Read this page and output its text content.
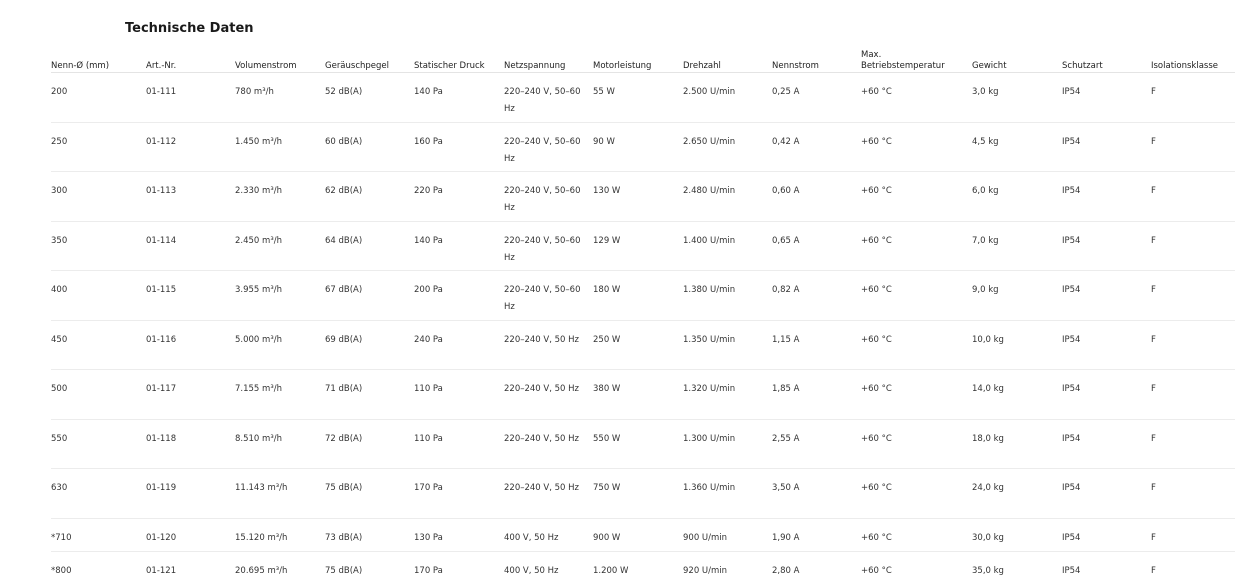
Technische Daten
Nenn-Ø (mm)	Art.-Nr.	Volumenstrom	Geräuschpegel	Statischer Druck	Netzspannung	Motorleistung	Drehzahl	Nennstrom	Max. Betriebstemperatur	Gewicht	Schutzart	Isolationsklasse
200	01-111	780 m³/h	52 dB(A)	140 Pa	220–240 V, 50–60 Hz	55 W	2.500 U/min	0,25 A	+60 °C	3,0 kg	IP54	F
250	01-112	1.450 m³/h	60 dB(A)	160 Pa	220–240 V, 50–60 Hz	90 W	2.650 U/min	0,42 A	+60 °C	4,5 kg	IP54	F
300	01-113	2.330 m³/h	62 dB(A)	220 Pa	220–240 V, 50–60 Hz	130 W	2.480 U/min	0,60 A	+60 °C	6,0 kg	IP54	F
350	01-114	2.450 m³/h	64 dB(A)	140 Pa	220–240 V, 50–60 Hz	129 W	1.400 U/min	0,65 A	+60 °C	7,0 kg	IP54	F
400	01-115	3.955 m³/h	67 dB(A)	200 Pa	220–240 V, 50–60 Hz	180 W	1.380 U/min	0,82 A	+60 °C	9,0 kg	IP54	F
450	01-116	5.000 m³/h	69 dB(A)	240 Pa	220–240 V, 50 Hz	250 W	1.350 U/min	1,15 A	+60 °C	10,0 kg	IP54	F
500	01-117	7.155 m³/h	71 dB(A)	110 Pa	220–240 V, 50 Hz	380 W	1.320 U/min	1,85 A	+60 °C	14,0 kg	IP54	F
550	01-118	8.510 m³/h	72 dB(A)	110 Pa	220–240 V, 50 Hz	550 W	1.300 U/min	2,55 A	+60 °C	18,0 kg	IP54	F
630	01-119	11.143 m³/h	75 dB(A)	170 Pa	220–240 V, 50 Hz	750 W	1.360 U/min	3,50 A	+60 °C	24,0 kg	IP54	F
*710	01-120	15.120 m³/h	73 dB(A)	130 Pa	400 V, 50 Hz	900 W	900 U/min	1,90 A	+60 °C	30,0 kg	IP54	F
*800	01-121	20.695 m³/h	75 dB(A)	170 Pa	400 V, 50 Hz	1.200 W	920 U/min	2,80 A	+60 °C	35,0 kg	IP54	F
